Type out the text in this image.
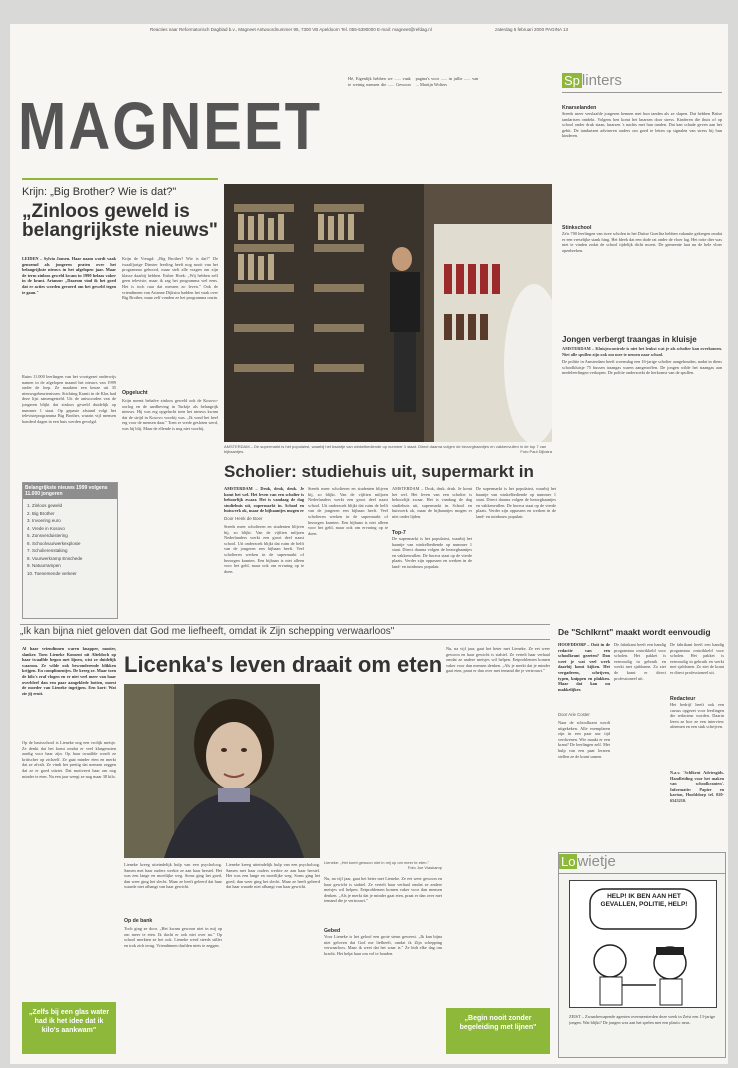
Reacties naar Reformatorisch Dagblad b.v., Magneet Antwoordnummer 95, 7300 VB Apeldoorn Tel. 055-5390000 E-mail: magneet@refdag.nl	zaterdag 5 februari 2000 PAGINA 13
MAGNEET

Hé, Eigenlijk hebben we ...... vaak te weinig mensen die ...... Gewoon pagina's voor ...... in jullie ...... van ... Martijn Wolters	Sp linters
Knarselanden
Steeds meer verslaafde jongeren kennen met hun tanden als ze slapen. Dat hebben Britse tandartsen ontdekt. Volgens hen komt het knarsen door stress. Kinderen die thuis of op school onder druk staan, knarsen 's nachts met hun tanden. Dat kan schade geven aan het gebit. De tandartsen adviseren ouders om goed te letten op signalen van stress bij hun kinderen.
Stinkschool
Ze'n 700 leerlingen van twee scholen in het Duitse Goerlitz hebben vakantie gekregen omdat er een vreselijke stank hing. Het bleek dat een dode rat onder de vloer lag. Het rotte dier was niet te vinden zodat de school tijdelijk dicht moest. De gemeente laat nu de hele vloer openbreken.
Jongen verbergt traangas in kluisje
AMSTERDAM – Kluisjescontrole is niet het leukst wat je als scholier kan overkomen. Niet alle spullen zijn ook om mee te nemen naar school.
De politie in Amsterdam heeft woensdag een 16-jarige scholier aangehouden, nadat in diens schoolkluisje 75 bussen traangas waren aangetroffen. De jongen wilde het traangas aan medeleerlingen verkopen. De politie onderzoekt de herkomst van de spullen.
Krijn: „Big Brother? Wie is dat?"
„Zinloos geweld is belangrijkste nieuws"
LEIDEN – Sylvia Jansen. Haar naam wordt vaak genoemd als jongeren praten over het belangrijkste nieuws in het afgelopen jaar. Maar de term zinloos geweld kwam in 1990 helaas vaker in de krant. Arianne: „Daarom vind ik het goed dat er acties worden gevoerd om het geweld tegen te gaan."
Ruim 11.000 leerlingen van het voortgezet onderwijs namen in de afgelopen maand het nieuws van 1999 onder de loep. Ze maakten een keuze uit 35 nieuwsgebeurtenissen. Stichting Kranti in de Klas had deze lijst samengesteld. Uit de antwoorden van de jongeren blijkt dat zinloos geweld duidelijk op nummer 1 staat. Op gepaste afstand volgt het televisieprogramma Big Brother, waarin vijf mensen honderd dagen in een huis werden gevolgd.
Krijn de Vreugd: „Big Brother? Wie is dat?" De twaalfjarige Dinxter leerling heeft nog nooit van het programma gehoord, maar stelt alle vragen om zijn klasse daarbij hebben. Esther Hoek: „Wij hebben zelf geen televisie, maar ik zag het programma wel eens. Het is toch raar dat mensen zo leven." Ook de vriendinnen van Arianne Dijkstra hadden het vaak over Big Brother, maar zelf vonden ze het programma onzin.
Opgelucht
Krijn noemt behalve zinloos geweld ook de Kosovo-oorlog en de aardbeving in Turkije als belangrijk nieuws. Hij was erg opgelucht toen het nieuws kwam dat de strijd in Kosovo voorbij was. „Ik vond het heel erg voor de mensen daar." Toen er vrede gesloten werd, was hij blij. Maar de ellende is nog niet voorbij.
Belangrijkste nieuws 1999 volgens 11.000 jongeren
1. Zinloos geweld
2. Big Brother
3. Invoering euro
4. Vrede in Kosovo
5. Zonsverduistering
6. Schoolvuurwerkexplosie
7. Scholierenstaking
8. Vuurwerkramp Enschede
9. Natuurrampen
10. Toenemende verkeer
AMSTERDAM – De supermarkt is het populairst, waarbij het baantje van winkelbediende op nummer 1 staat. Direct daarna volgen de bezorgbaantjes en vakkenvullen in de top 7 van bijbaantjes.	Foto Paul Dijkstra
Scholier: studiehuis uit, supermarkt in
AMSTERDAM – Druk, druk, druk. Je komt het wel. Het leven van een scholier is behoorlijk zwaar. Het is vandaag de dag studiehuis uit, supermarkt in. School en huiswerk ok, maar de bijbaantjes mogen er
Door Henk de Boer
Steeds meer scholieren en studenten blijven bij, zo blijkt. Van de vijftien miljoen Nederlanders werkt een groot deel naast school. Uit onderzoek blijkt dat ruim de helft van de jongeren een bijbaan heeft. Veel scholieren werken in de supermarkt of bezorgen kranten. Een bijbaan is niet alleen voor het geld, maar ook om ervaring op te doen.
Steeds meer scholieren en studenten blijven bij, zo blijkt. Van de vijftien miljoen Nederlanders werkt een groot deel naast school. Uit onderzoek blijkt dat ruim de helft van de jongeren een bijbaan heeft. Veel scholieren werken in de supermarkt of bezorgen kranten. Een bijbaan is niet alleen voor het geld, maar ook om ervaring op te doen.
AMSTERDAM – Druk, druk, druk. Je komt het wel. Het leven van een scholier is behoorlijk zwaar. Het is vandaag de dag studiehuis uit, supermarkt in. School en huiswerk ok, maar de bijbaantjes mogen er niet onder lijden.
Top-7
De supermarkt is het populairst, waarbij het baantje van winkelbediende op nummer 1 staat. Direct daarna volgen de bezorgbaantjes en vakkenvullen. De horeca staat op de vierde plaats. Verder zijn oppassen en werken in de land- en tuinbouw populair.
De supermarkt is het populairst, waarbij het baantje van winkelbediende op nummer 1 staat. Direct daarna volgen de bezorgbaantjes en vakkenvullen. De horeca staat op de vierde plaats. Verder zijn oppassen en werken in de land- en tuinbouw populair.
„Ik kan bijna niet geloven dat God me liefheeft, omdat ik Zijn schepping verwaarloos"
Al haar vriendinnen waren knapper, mooier, slanker. Toen Lieneke Konsent uit Alteldoch op haar twaalfde begon met lijnen, wist ze duidelijk waarom. Ze wilde ook bewonderende blikken krijgen. En complimentjes. De kreeg ze. Maar toen de kilo's eraf vlogen en er niet veel meer van haar overbleef dan een paar aangeklede botten, moest de moeder van Lieneke ingrijpen. Een kort: Wat zie jij eruit.
Licenka's leven draait om eten
Op de basisschool is Lieneke nog een vrolijk meisje. Ze denkt dat het komt omdat er veel klasgenoten aardig voor haar zijn. Op haar twaalfde wordt ze kritischer op zichzelf. Ze gaat minder eten en merkt dat ze afvalt. Ze vindt het prettig dat mensen zeggen dat ze er goed uitziet. Dat motiveert haar om nog minder te eten. Na een jaar weegt ze nog maar 38 kilo.
Lieneke kreeg uiteindelijk hulp van een psycholoog. Samen met haar ouders werkte ze aan haar herstel. Het was een lange en moeilijke weg. Soms ging het goed, dan weer ging het slecht. Maar ze heeft geleerd dat haar waarde niet afhangt van haar gewicht.
Op de bank
Toch ging ze door. „Het kwam gewoon niet in mij op om meer te eten. Ik dacht er ook niet over na." Op school merkten ze het ook. Lieneke werd steeds stiller en trok zich terug. Vriendinnen durfden niets te zeggen.
Lieneke kreeg uiteindelijk hulp van een psycholoog. Samen met haar ouders werkte ze aan haar herstel. Het was een lange en moeilijke weg. Soms ging het goed, dan weer ging het slecht. Maar ze heeft geleerd dat haar waarde niet afhangt van haar gewicht.
Lieneke: „Het komt gewoon niet in mij op om meer te eten."
Foto Joe Vlaskamp
Nu, na vijf jaar, gaat het beter met Lieneke. Ze eet weer gewoon en haar gewicht is stabiel. Ze vertelt haar verhaal omdat ze andere meisjes wil helpen. Eetproblemen komen vaker voor dan mensen denken. „Als je merkt dat je minder gaat eten, praat er dan over met iemand die je vertrouwt."
Gebed
Voor Lieneke is het geloof een grote steun geweest. „Ik kan bijna niet geloven dat God me liefheeft, omdat ik Zijn schepping verwaarloos. Maar ik weet dat het waar is." Ze bidt elke dag om kracht. Het helpt haar om vol te houden.
Nu, na vijf jaar, gaat het beter met Lieneke. Ze eet weer gewoon en haar gewicht is stabiel. Ze vertelt haar verhaal omdat ze andere meisjes wil helpen. Eetproblemen komen vaker voor dan mensen denken. „Als je merkt dat je minder gaat eten, praat er dan over met iemand die je vertrouwt."
„Zelfs bij een glas water had ik het idee dat ik kilo's aankwam"
„Begin nooit zonder begeleiding met lijnen"
De "Schlkrnt" maakt wordt eenvoudig
HOOFDDORP – Ooit in de redactie van een schoolkrant gezeten? Dan weet je wat veel werk daarbij komt kijken. Het vergaderen, schrijven, typen, knippen en plakken. Maar dat kan nu makkelijker.
Door Arie Coster
Naar de schoolkrant wordt uitgekeken. Alle exemplaren zijn in een paar uur tijd verdwenen. Wie maakt er een krant? De leerlingen zelf. Met hulp van een paar leraren stellen ze de krant samen.
De fabrikant heeft een handig programma ontwikkeld voor scholen. Het pakket is eenvoudig in gebruik en werkt met sjablonen. Zo ziet de krant er direct professioneel uit.
De fabrikant heeft een handig programma ontwikkeld voor scholen. Het pakket is eenvoudig in gebruik en werkt met sjablonen. Zo ziet de krant er direct professioneel uit.
Redacteur
Het bedrijf heeft ook een cursus opgezet voor leerlingen die redacteur worden. Daarin leren ze hoe ze een interview afnemen en een stuk schrijven.
N.a.v. 'Schlkrnt Adviesgids. Handleiding voor het maken van schoolkranten'. Informatie: Papier en karton, Hoofddorp tel. 020-6543210.
Lo wietje
HELP! IK BEN AAN HET GEVALLEN, POLITIE, HELP!
ZEIST – Zwaarbewapende agenten overmeesterden deze week in Zeist een 13-jarige jongen. Wat blijkt? De jongen was aan het spelen met een plastic neus.
